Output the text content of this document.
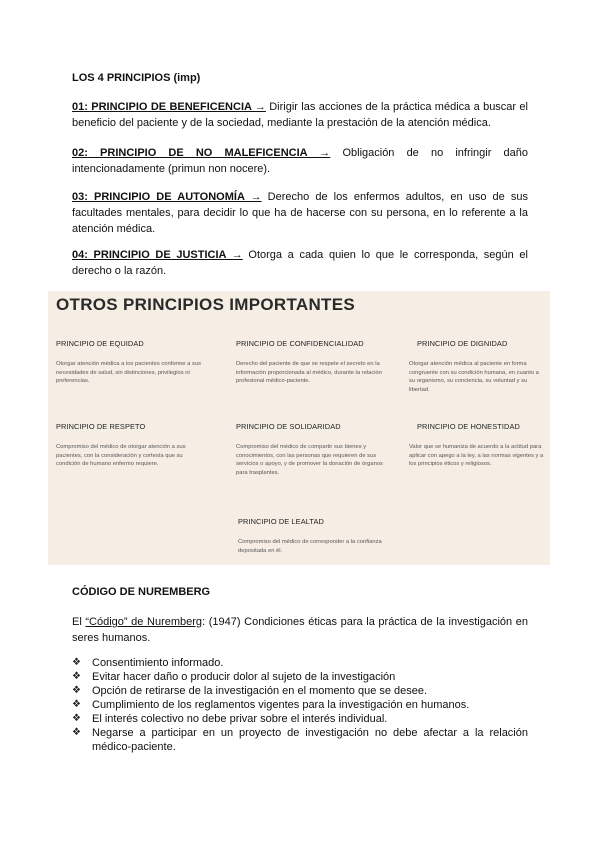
LOS 4 PRINCIPIOS (imp)

01: PRINCIPIO DE BENEFICENCIA → Dirigir las acciones de la práctica médica a buscar el beneficio del paciente y de la sociedad, mediante la prestación de la atención médica.

02: PRINCIPIO DE NO MALEFICENCIA → Obligación de no infringir daño intencionadamente (primun non nocere).

03: PRINCIPIO DE AUTONOMÍA → Derecho de los enfermos adultos, en uso de sus facultades mentales, para decidir lo que ha de hacerse con su persona, en lo referente a la atención médica.

04: PRINCIPIO DE JUSTICIA → Otorga a cada quien lo que le corresponda, según el derecho o la razón.

OTROS PRINCIPIOS IMPORTANTES

PRINCIPIO DE EQUIDAD

Otorgar atención médica a los pacientes conforme a sus necesidades de salud, sin distinciones, privilegios ni preferencias.

PRINCIPIO DE CONFIDENCIALIDAD

Derecho del paciente de que se respete el secreto en la información proporcionada al médico, durante la relación profesional médico-paciente.

PRINCIPIO DE DIGNIDAD

Otorgar atención médica al paciente en forma congruente con su condición humana, en cuanto a su organismo, su conciencia, su voluntad y su libertad.

PRINCIPIO DE RESPETO

Compromiso del médico de otorgar atención a sus pacientes, con la consideración y cortesía que su condición de humano enfermo requiere.

PRINCIPIO DE SOLIDARIDAD

Compromiso del médico de compartir sus bienes y conocimientos, con las personas que requieren de sus servicios o apoyo, y de promover la donación de órganos para trasplantes.

PRINCIPIO DE HONESTIDAD

Valor que se humaniza de acuerdo a la actitud para aplicar con apego a la ley, a las normas vigentes y a los principios éticos y religiosos.

PRINCIPIO DE LEALTAD

Compromiso del médico de corresponder a la confianza depositada en él.

CÓDIGO DE NUREMBERG

El “Código” de Nuremberg: (1947) Condiciones éticas para la práctica de la investigación en seres humanos.

❖ Consentimiento informado.
❖ Evitar hacer daño o producir dolor al sujeto de la investigación
❖ Opción de retirarse de la investigación en el momento que se desee.
❖ Cumplimiento de los reglamentos vigentes para la investigación en humanos.
❖ El interés colectivo no debe privar sobre el interés individual.
❖ Negarse a participar en un proyecto de investigación no debe afectar a la relación médico-paciente.
